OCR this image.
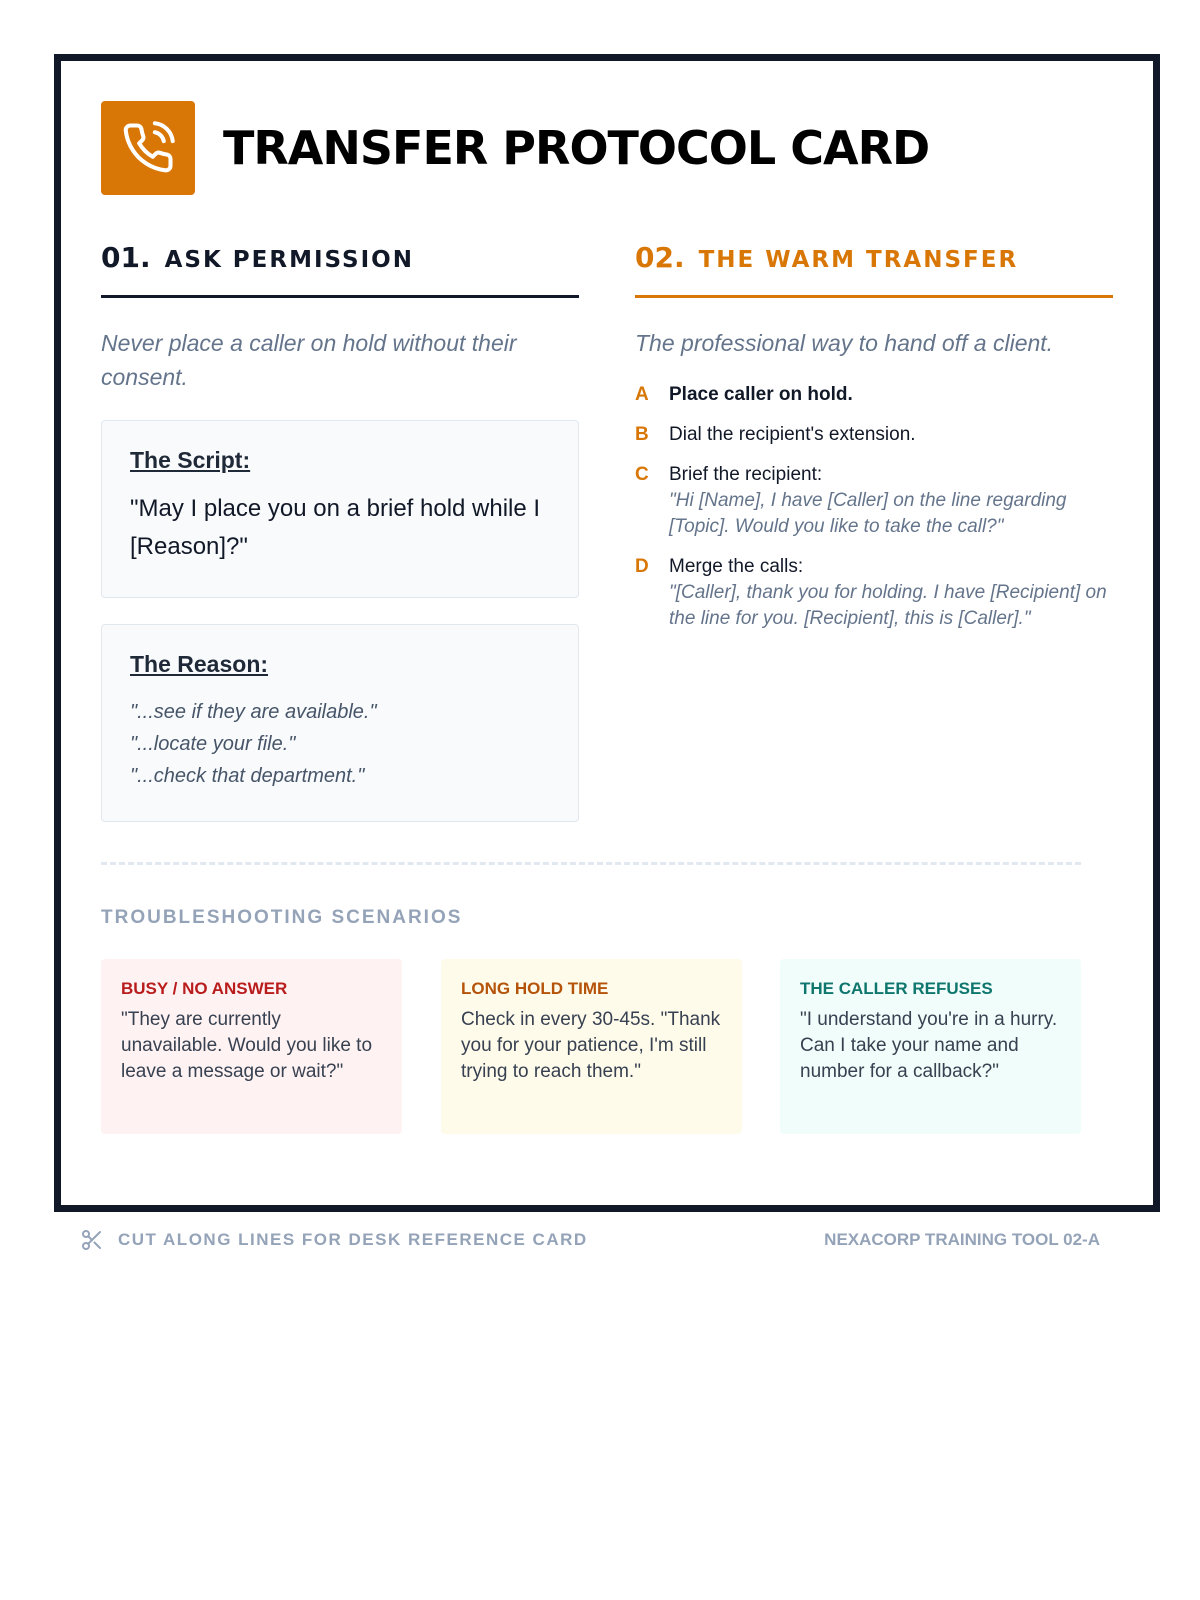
TRANSFER PROTOCOL CARD
01. ASK PERMISSION

Never place a caller on hold without their consent.

The Script:
"May I place you on a brief hold while I [Reason]?"
The Reason:
"...see if they are available."
"...locate your file."
"...check that department."
02. THE WARM TRANSFER

The professional way to hand off a client.

A	Place caller on hold.
B	Dial the recipient's extension.
C	Brief the recipient:
"Hi [Name], I have [Caller] on the line regarding [Topic]. Would you like to take the call?"
D	Merge the calls:
"[Caller], thank you for holding. I have [Recipient] on the line for you. [Recipient], this is [Caller]."
TROUBLESHOOTING SCENARIOS
BUSY / NO ANSWER
"They are currently unavailable. Would you like to leave a message or wait?"
LONG HOLD TIME
Check in every 30-45s. "Thank you for your patience, I'm still trying to reach them."
THE CALLER REFUSES
"I understand you're in a hurry. Can I take your name and number for a callback?"
CUT ALONG LINES FOR DESK REFERENCE CARD	NEXACORP TRAINING TOOL 02-A
